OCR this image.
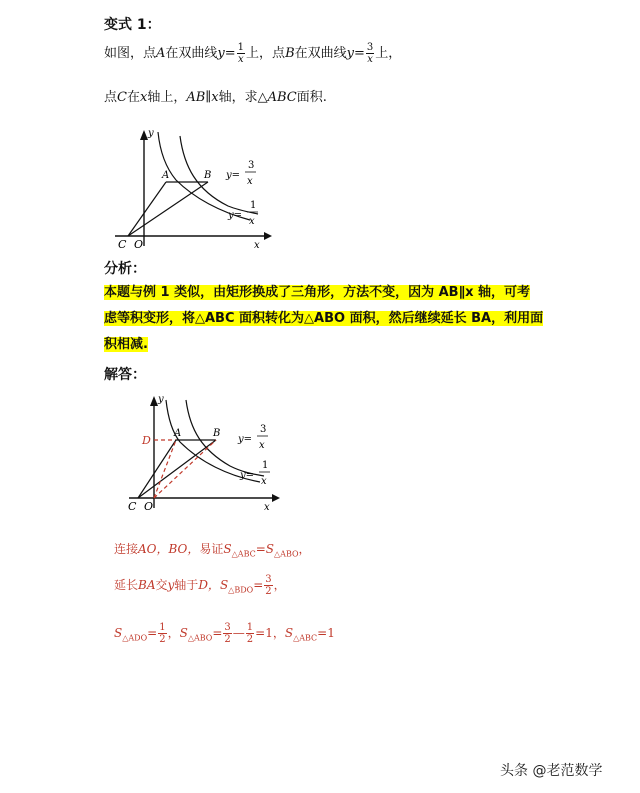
变式 1：
如图，点A在双曲线$y= \frac{1}{x}$ 上，点B在双曲线$y= \frac{3}{x}$ 上，
点C在x轴上，AB∥x轴，求△ABC面积.
C O
y
x
A	B y=
3
x
y=
1
x
分析：
本题与例 1 类似，由矩形换成了三角形，方法不变，因为 AB∥x 轴，可考
虑等积变形，将△ABC 面积转化为△ABO 面积，然后继续延长 BA，利用面
积相减.
解答：
D
C O
y
x
A	B
y=
3
x
y=
1
x
连接AO，BO，易证$S_{\triangle ABC}=S_{\triangle ABO}$，
延长BA交y轴于D，$S_{\triangle BDO}= \frac{3}{2}$ ，
$S_{\triangle ADO}= \frac{1}{2}$ ，$S_{\triangle ABO}= \frac{3}{2}$ — $\frac{1}{2} =1$，$S_{\triangle ABC}=1$
头条 @老范数学
